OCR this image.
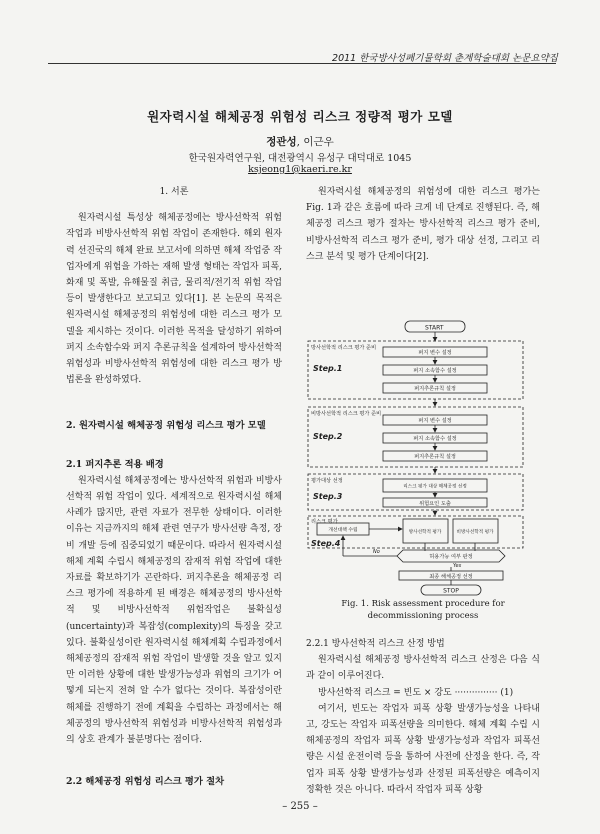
2011 한국방사성폐기물학회 춘계학술대회 논문요약집
원자력시설 해체공정 위험성 리스크 정량적 평가 모델
정관성, 이근우
한국원자력연구원, 대전광역시 유성구 대덕대로 1045
ksjeong1@kaeri.re.kr

1. 서론

원자력시설 특성상 해체공정에는 방사선학적 위험 작업과 비방사선학적 위험 작업이 존재한다. 해외 원자력 선진국의 해체 완료 보고서에 의하면 해체 작업중 작업자에게 위험을 가하는 재해 발생 형태는 작업자 피폭, 화재 및 폭발, 유해물질 취급, 물리적/전기적 위험 작업 등이 발생한다고 보고되고 있다[1]. 본 논문의 목적은 원자력시설 해체공정의 위험성에 대한 리스크 평가 모델을 제시하는 것이다. 이러한 목적을 달성하기 위하여 퍼지 소속함수와 퍼지 추론규칙을 설계하여 방사선학적 위험성과 비방사선학적 위험성에 대한 리스크 평가 방법론을 완성하였다.

2. 원자력시설 해체공정 위험성 리스크 평가 모델

2.1 퍼지추론 적용 배경

원자력시설 해체공정에는 방사선학적 위험과 비방사선학적 위험 작업이 있다. 세계적으로 원자력시설 해체사례가 많지만, 관련 자료가 전무한 상태이다. 이러한 이유는 지금까지의 해체 관련 연구가 방사선량 측정, 장비 개발 등에 집중되었기 때문이다. 따라서 원자력시설 해체 계획 수립시 해체공정의 잠재적 위험 작업에 대한 자료를 확보하기가 곤란하다. 퍼지추론을 해체공정 리스크 평가에 적용하게 된 배경은 해체공정의 방사선학적 및 비방사선학적 위험작업은 불확실성(uncertainty)과 복잡성(complexity)의 특징을 갖고 있다. 불확실성이란 원자력시설 해체계획 수립과정에서 해체공정의 잠재적 위험 작업이 발생할 것을 알고 있지만 이러한 상황에 대한 발생가능성과 위험의 크기가 어떻게 되는지 전혀 알 수가 없다는 것이다. 복잡성이란 해체를 진행하기 전에 계획을 수립하는 과정에서는 해체공정의 방사선학적 위험성과 비방사선학적 위험성과의 상호 관계가 불분명다는 점이다.

2.2 해체공정 위험성 리스크 평가 절차

원자력시설 해체공정의 위험성에 대한 리스크 평가는 Fig. 1과 같은 흐름에 따라 크게 네 단계로 진행된다. 즉, 해체공정 리스크 평가 절차는 방사선학적 리스크 평가 준비, 비방사선학적 리스크 평가 준비, 평가 대상 선정, 그리고 리스크 분석 및 평가 단계이다[2].

START
방사선학적 리스크 평가 준비
Step.1
퍼지 변수 설정
퍼지 소속함수 설정
퍼지추론규칙 설정
비방사선학적 리스크 평가 준비
Step.2
퍼지 변수 설정
퍼지 소속함수 설정
퍼지추론규칙 설정
평가대상 선정
Step.3
리스크 평가 대상 해체공정 선정
위험요인 도출
리스크 평가
Step.4
개선대책 수립	방사선학적 평가	비방사선학적 평가
허용가능 여부 판정
No
Yes
최종 해체공정 선정
STOP
Fig. 1. Risk assessment procedure for
decommissioning process

2.2.1 방사선학적 리스크 산정 방법

원자력시설 해체공정 방사선학적 리스크 산정은 다음 식과 같이 이루어진다.

방사선학적 리스크 = 빈도 × 강도 ··············· (1)

여기서, 빈도는 작업자 피폭 상황 발생가능성을 나타내고, 강도는 작업자 피폭선량을 의미한다. 해체 계획 수립 시 해체공정의 작업자 피폭 상황 발생가능성과 작업자 피폭선량은 시설 운전이력 등을 통하여 사전에 산정을 한다. 즉, 작업자 피폭 상황 발생가능성과 산정된 피폭선량은 예측이지 정확한 것은 아니다. 따라서 작업자 피폭 상황

– 255 –
